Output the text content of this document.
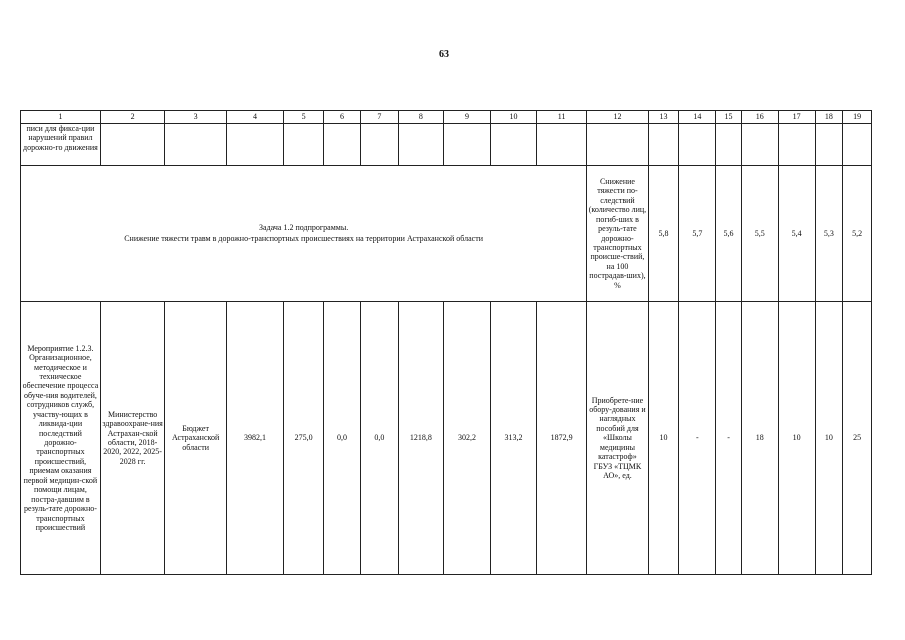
63
1	2	3	4	5	6	7	8	9	10	11	12	13	14	15	16	17	18	19
писи для фикса-ции нарушений правил дорожно-го движения																		

Задача 1.2 подпрограммы.
Снижение тяжести травм в дорожно-транспортных происшествиях на территории Астраханской области											Снижение тяжести по-следствий (количество лиц, погиб-ших в резуль-тате дорожно-транспортных происше-ствий, на 100 пострадав-ших), %	5,8	5,7	5,6	5,5	5,4	5,3	5,2
Мероприятие 1.2.3. Организационное, методическое и техническое обеспечение процесса обуче-ния водителей, сотрудников служб, участву-ющих в ликвида-ции последствий дорожно-транспортных происшествий, приемам оказания первой медицин-ской помощи лицам, постра-давшим в резуль-тате дорожно-транспортных происшествий	Министерство здравоохране-ния Астрахан-ской области, 2018-2020, 2022, 2025-2028 гг.	Бюджет Астраханской области	3982,1	275,0	0,0	0,0	1218,8	302,2	313,2	1872,9	Приобрете-ние обору-дования и наглядных пособий для «Школы медицины катастроф» ГБУЗ «ТЦМК АО», ед.	10	-	-	18	10	10	25
